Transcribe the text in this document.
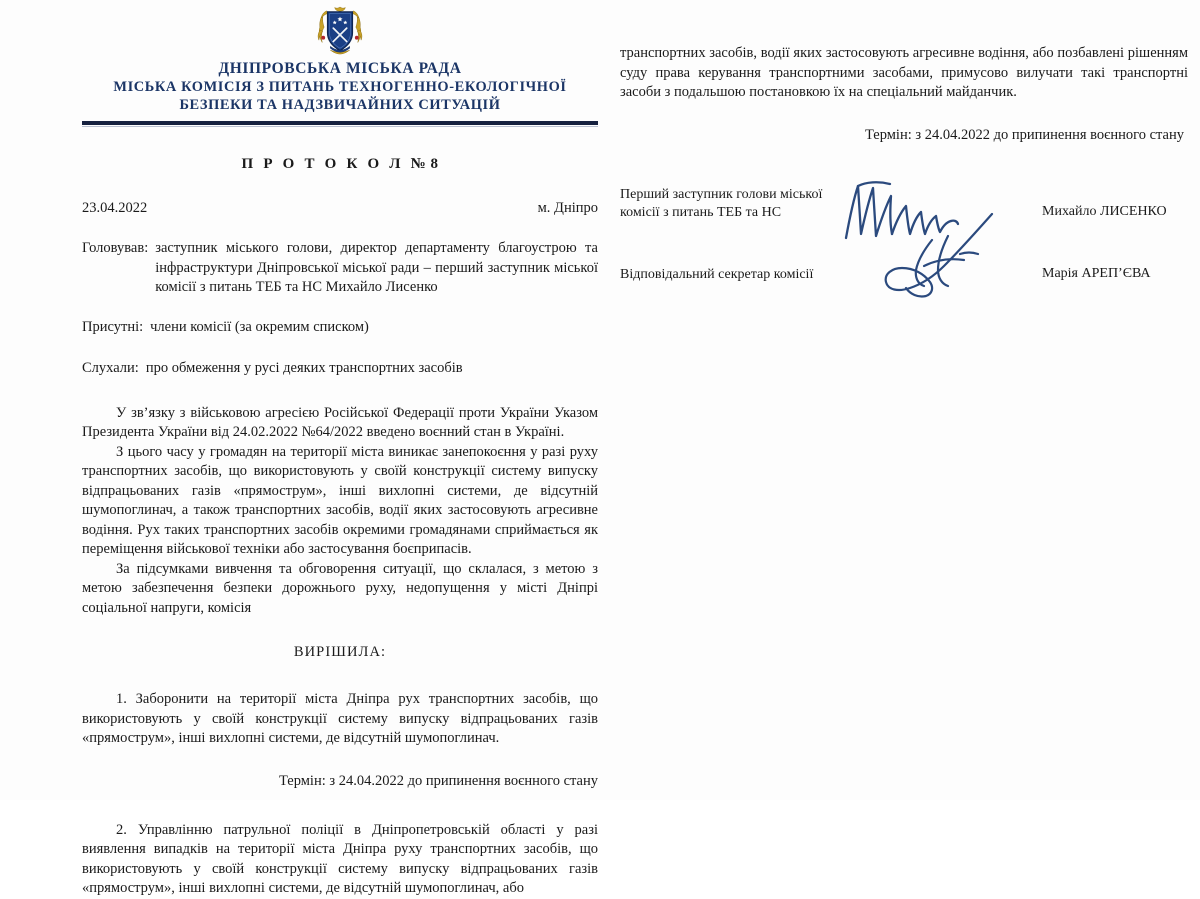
ДНІПРОВСЬКА МІСЬКА РАДА
МІСЬКА КОМІСІЯ З ПИТАНЬ ТЕХНОГЕННО-ЕКОЛОГІЧНОЇ
БЕЗПЕКИ ТА НАДЗВИЧАЙНИХ СИТУАЦІЙ
П Р О Т О К О Л № 8
23.04.2022	м. Дніпро
Головував: заступник міського голови, директор департаменту благоустрою та інфраструктури Дніпровської міської ради – перший заступник міської комісії з питань ТЕБ та НС Михайло Лисенко
Присутні: члени комісії (за окремим списком)
Слухали: про обмеження у русі деяких транспортних засобів

У зв’язку з військовою агресією Російської Федерації проти України Указом Президента України від 24.02.2022 №64/2022 введено воєнний стан в Україні.

З цього часу у громадян на території міста виникає занепокоєння у разі руху транспортних засобів, що використовують у своїй конструкції систему випуску відпрацьованих газів «прямострум», інші вихлопні системи, де відсутній шумопоглинач, а також транспортних засобів, водії яких застосовують агресивне водіння. Рух таких транспортних засобів окремими громадянами сприймається як переміщення військової техніки або застосування боєприпасів.

За підсумками вивчення та обговорення ситуації, що склалася, з метою з метою забезпечення безпеки дорожнього руху, недопущення у місті Дніпрі соціальної напруги, комісія

ВИРІШИЛА:

1. Заборонити на території міста Дніпра рух транспортних засобів, що використовують у своїй конструкції систему випуску відпрацьованих газів «прямострум», інші вихлопні системи, де відсутній шумопоглинач.

Термін: з 24.04.2022 до припинення воєнного стану

2. Управлінню патрульної поліції в Дніпропетровській області у разі виявлення випадків на території міста Дніпра руху транспортних засобів, що використовують у своїй конструкції систему випуску відпрацьованих газів «прямострум», інші вихлопні системи, де відсутній шумопоглинач, або

транспортних засобів, водії яких застосовують агресивне водіння, або позбавлені рішенням суду права керування транспортними засобами, примусово вилучати такі транспортні засоби з подальшою постановкою їх на спеціальний майданчик.

Термін: з 24.04.2022 до припинення воєнного стану
Перший заступник голови міської комісії з питань ТЕБ та НС	Михайло ЛИСЕНКО
Відповідальний секретар комісії	Марія АРЕП’ЄВА
